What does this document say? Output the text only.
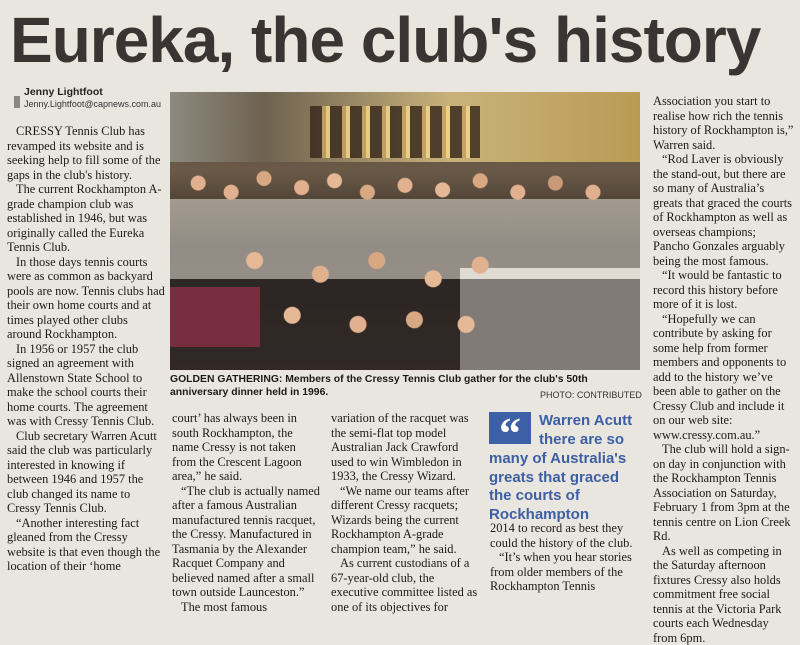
Eureka, the club's history
Jenny Lightfoot
Jenny.Lightfoot@capnews.com.au

CRESSY Tennis Club has revamped its website and is seeking help to fill some of the gaps in the club's history.

The current Rockhampton A-grade champion club was established in 1946, but was originally called the Eureka Tennis Club.

In those days tennis courts were as common as backyard pools are now. Tennis clubs had their own home courts and at times played other clubs around Rockhampton.

In 1956 or 1957 the club signed an agreement with Allenstown State School to make the school courts their home courts. The agreement was with Cressy Tennis Club.

Club secretary Warren Acutt said the club was particularly interested in knowing if between 1946 and 1957 the club changed its name to Cressy Tennis Club.

“Another interesting fact gleaned from the Cressy website is that even though the location of their ‘home

GOLDEN GATHERING: Members of the Cressy Tennis Club gather for the club's 50th anniversary dinner held in 1996.	PHOTO: CONTRIBUTED

court’ has always been in south Rockhampton, the name Cressy is not taken from the Crescent Lagoon area,” he said.

“The club is actually named after a famous Australian manufactured tennis racquet, the Cressy. Manufactured in Tasmania by the Alexander Racquet Company and believed named after a small town outside Launceston.”

The most famous

variation of the racquet was the semi-flat top model Australian Jack Crawford used to win Wimbledon in 1933, the Cressy Wizard.

“We name our teams after different Cressy racquets; Wizards being the current Rockhampton A-grade champion team,” he said.

As current custodians of a 67-year-old club, the executive committee listed as one of its objectives for

“	Warren Acutt
there are so
many of Australia's greats that graced the courts of Rockhampton

2014 to record as best they could the history of the club.

“It’s when you hear stories from older members of the Rockhampton Tennis

Association you start to realise how rich the tennis history of Rockhampton is,” Warren said.

“Rod Laver is obviously the stand-out, but there are so many of Australia’s greats that graced the courts of Rockhampton as well as overseas champions; Pancho Gonzales arguably being the most famous.

“It would be fantastic to record this history before more of it is lost.

“Hopefully we can contribute by asking for some help from former members and opponents to add to the history we’ve been able to gather on the Cressy Club and include it on our web site: www.cressy.com.au.”

The club will hold a sign-on day in conjunction with the Rockhampton Tennis Association on Saturday, February 1 from 3pm at the tennis centre on Lion Creek Rd.

As well as competing in the Saturday afternoon fixtures Cressy also holds commitment free social tennis at the Victoria Park courts each Wednesday from 6pm.
